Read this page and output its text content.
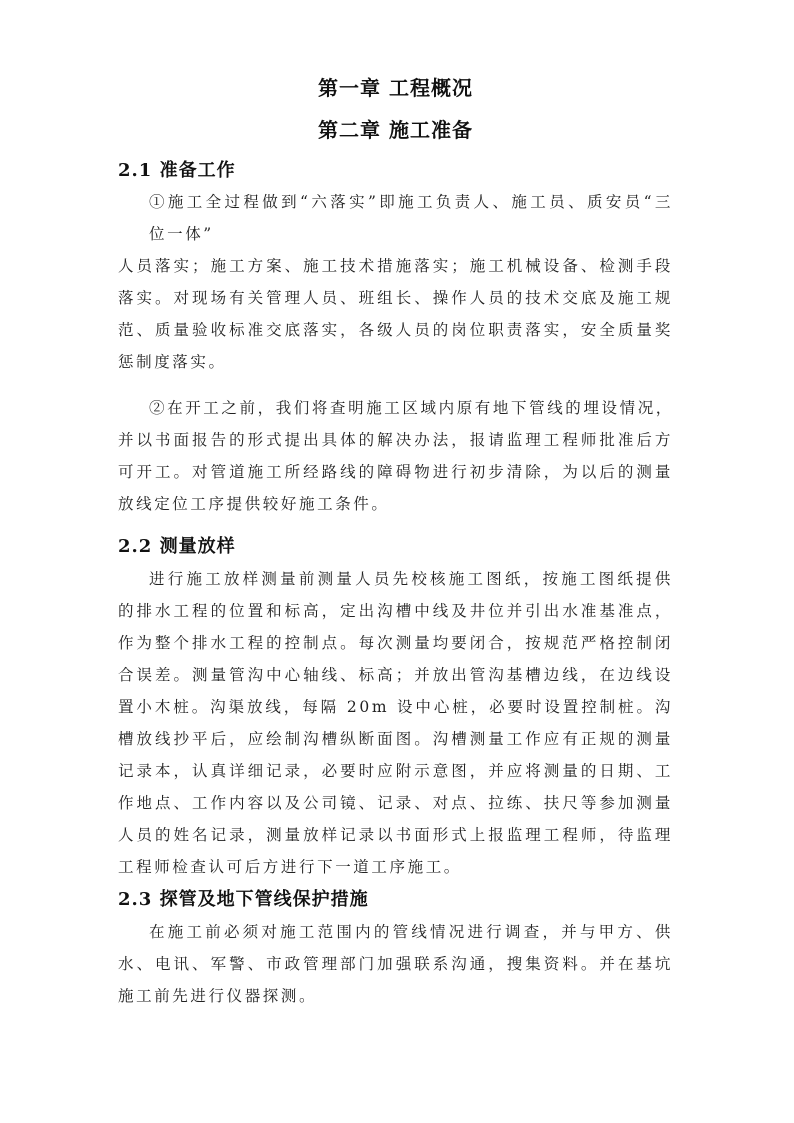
第一章 工程概况
第二章 施工准备
2.1 准备工作
①施工全过程做到“六落实”即施工负责人、施工员、质安员“三
位一体”
人员落实；施工方案、施工技术措施落实；施工机械设备、检测手段
落实。对现场有关管理人员、班组长、操作人员的技术交底及施工规
范、质量验收标准交底落实，各级人员的岗位职责落实，安全质量奖
惩制度落实。
②在开工之前，我们将查明施工区域内原有地下管线的埋设情况，
并以书面报告的形式提出具体的解决办法，报请监理工程师批准后方
可开工。对管道施工所经路线的障碍物进行初步清除，为以后的测量
放线定位工序提供较好施工条件。
2.2 测量放样
进行施工放样测量前测量人员先校核施工图纸，按施工图纸提供
的排水工程的位置和标高，定出沟槽中线及井位并引出水准基准点，
作为整个排水工程的控制点。每次测量均要闭合，按规范严格控制闭
合误差。测量管沟中心轴线、标高；并放出管沟基槽边线，在边线设
置小木桩。沟渠放线，每隔 20m 设中心桩，必要时设置控制桩。沟
槽放线抄平后，应绘制沟槽纵断面图。沟槽测量工作应有正规的测量
记录本，认真详细记录，必要时应附示意图，并应将测量的日期、工
作地点、工作内容以及公司镜、记录、对点、拉练、扶尺等参加测量
人员的姓名记录，测量放样记录以书面形式上报监理工程师，待监理
工程师检查认可后方进行下一道工序施工。
2.3 探管及地下管线保护措施
在施工前必须对施工范围内的管线情况进行调查，并与甲方、供
水、电讯、军警、市政管理部门加强联系沟通，搜集资料。并在基坑
施工前先进行仪器探测。
